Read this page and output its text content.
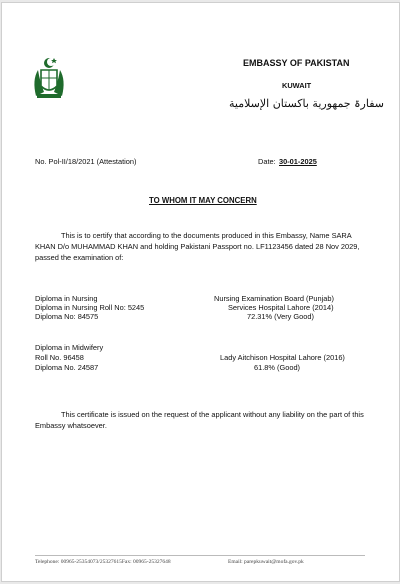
EMBASSY OF PAKISTAN
KUWAIT
سفارۃ جمهورية باكستان الإسلامية
No. Pol-II/18/2021 (Attestation)	Date: 30-01-2025
TO WHOM IT MAY CONCERN
This is to certify that according to the documents produced in this Embassy, Name SARA
KHAN D/o MUHAMMAD KHAN and holding Pakistani Passport no. LF1123456 dated 28 Nov 2029,
passed the examination of:
Diploma in Nursing
Diploma in Nursing Roll No: 5245
Diploma No: 84575
Nursing Examination Board (Punjab)
Services Hospital Lahore (2014)
72.31% (Very Good)
Diploma in Midwifery
Roll No. 96458
Diploma No. 24587
Lady Aitchison Hospital Lahore (2016)
61.8% (Good)
This certificate is issued on the request of the applicant without any liability on the part of this
Embassy whatsoever.
Telephone: 00965-25354073/25327615Fax: 00965-25327648	Email: parepkuwait@mofa.gov.pk
